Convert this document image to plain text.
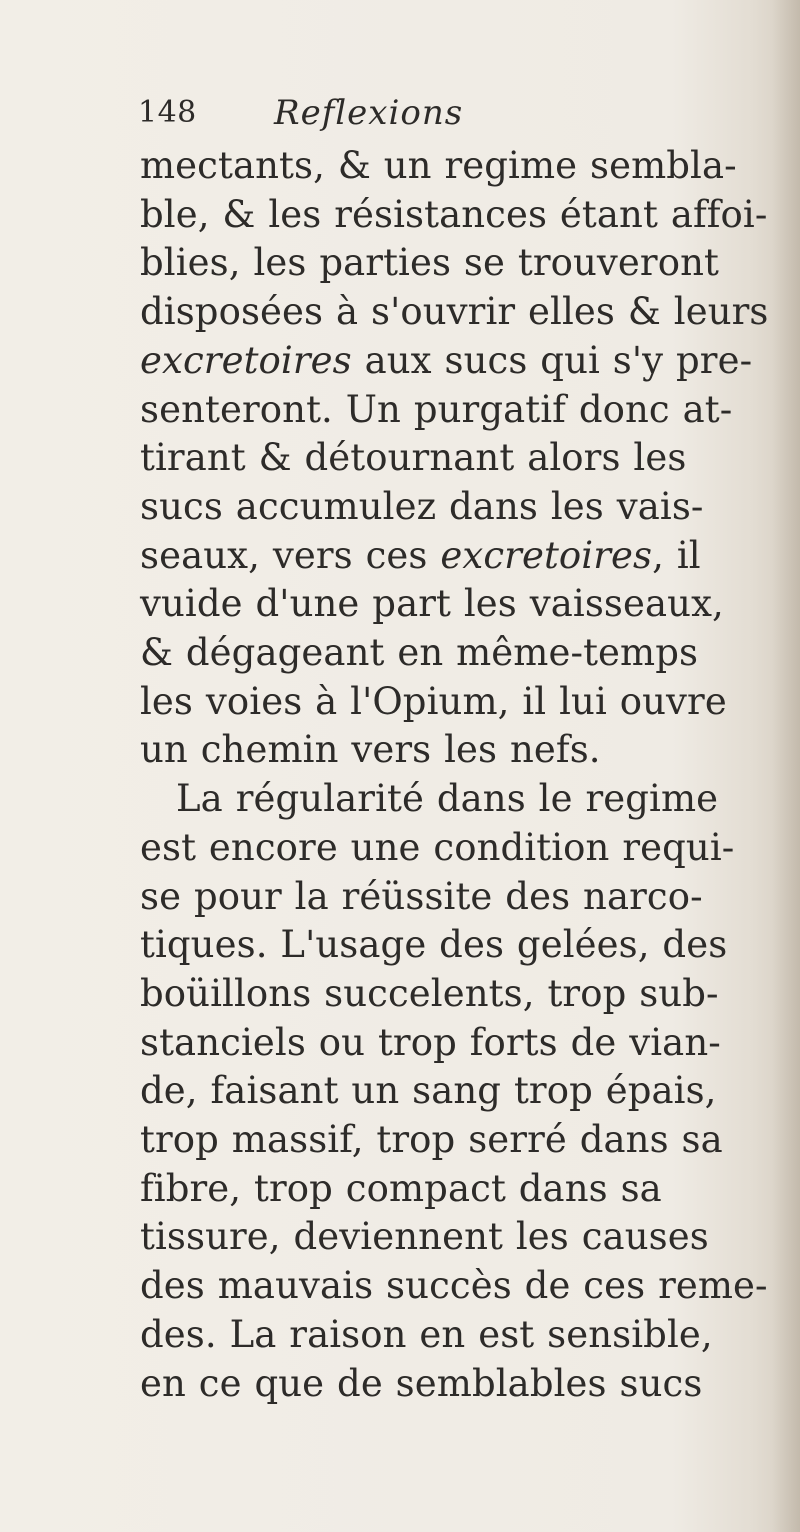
148 Reflexions
mectants, & un regime sembla-
ble, & les résistances étant affoi-
blies, les parties se trouveront
disposées à s'ouvrir elles & leurs
excretoires aux sucs qui s'y pre-
senteront. Un purgatif donc at-
tirant & détournant alors les
sucs accumulez dans les vais-
seaux, vers ces excretoires, il
vuide d'une part les vaisseaux,
& dégageant en même-temps
les voies à l'Opium, il lui ouvre
un chemin vers les nefs.
La régularité dans le regime
est encore une condition requi-
se pour la réüssite des narco-
tiques. L'usage des gelées, des
boüillons succelents, trop sub-
stanciels ou trop forts de vian-
de, faisant un sang trop épais,
trop massif, trop serré dans sa
fibre, trop compact dans sa
tissure, deviennent les causes
des mauvais succès de ces reme-
des. La raison en est sensible,
en ce que de semblables sucs
